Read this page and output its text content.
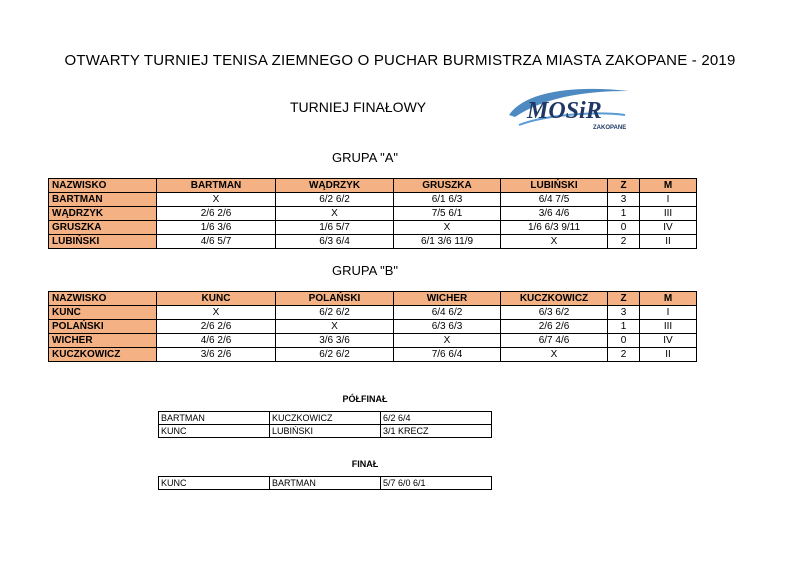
OTWARTY TURNIEJ TENISA ZIEMNEGO O PUCHAR BURMISTRZA MIASTA ZAKOPANE - 2019
TURNIEJ FINAŁOWY	MOSiR
ZAKOPANE
GRUPA "A"
NAZWISKO	BARTMAN	WĄDRZYK	GRUSZKA	LUBIŃSKI	Z	M
BARTMAN	X	6/2 6/2	6/1 6/3	6/4 7/5	3	I
WĄDRZYK	2/6 2/6	X	7/5 6/1	3/6 4/6	1	III
GRUSZKA	1/6 3/6	1/6 5/7	X	1/6 6/3 9/11	0	IV
LUBIŃSKI	4/6 5/7	6/3 6/4	6/1 3/6 11/9	X	2	II
GRUPA "B"
NAZWISKO	KUNC	POLAŃSKI	WICHER	KUCZKOWICZ	Z	M
KUNC	X	6/2 6/2	6/4 6/2	6/3 6/2	3	I
POLAŃSKI	2/6 2/6	X	6/3 6/3	2/6 2/6	1	III
WICHER	4/6 2/6	3/6 3/6	X	6/7 4/6	0	IV
KUCZKOWICZ	3/6 2/6	6/2 6/2	7/6 6/4	X	2	II
PÓŁFINAŁ
BARTMAN	KUCZKOWICZ	6/2 6/4
KUNC	LUBIŃSKI	3/1 KRECZ
FINAŁ
KUNC	BARTMAN	5/7 6/0 6/1
